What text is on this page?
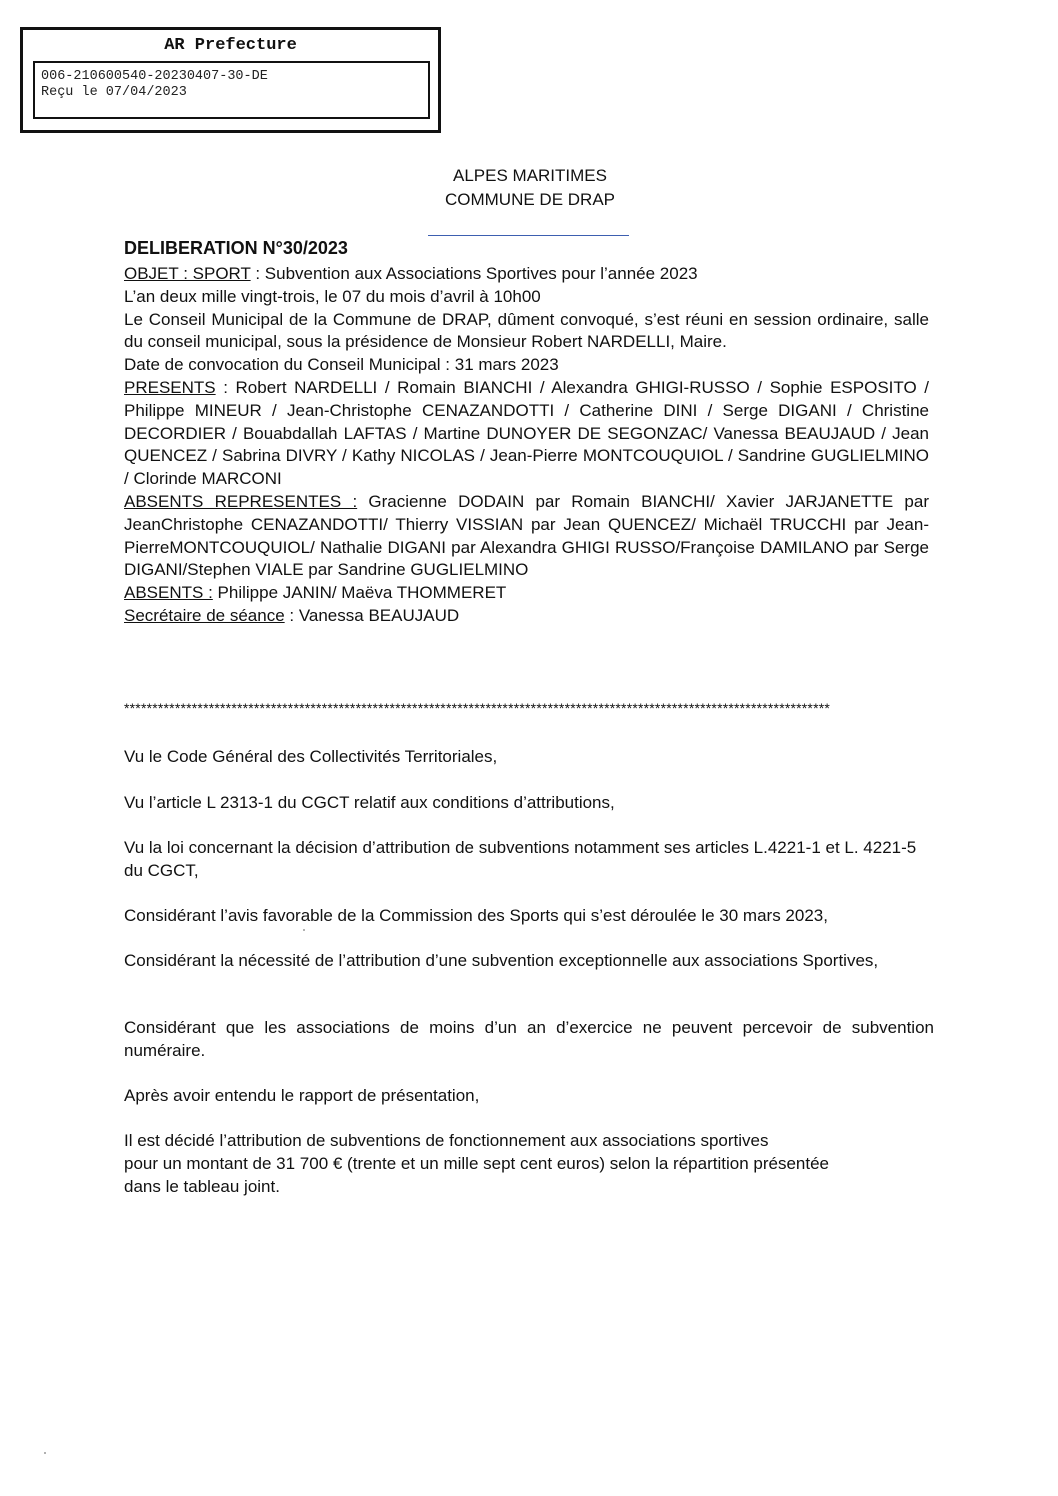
AR Prefecture
006-210600540-20230407-30-DE
Reçu le 07/04/2023
ALPES MARITIMES
COMMUNE DE DRAP
DELIBERATION N°30/2023
OBJET : SPORT : Subvention aux Associations Sportives pour l’année 2023
L’an deux mille vingt-trois, le 07 du mois d’avril à 10h00
Le Conseil Municipal de la Commune de DRAP, dûment convoqué, s’est réuni en session ordinaire, salle du conseil municipal, sous la présidence de Monsieur Robert NARDELLI, Maire.
Date de convocation du Conseil Municipal : 31 mars 2023
PRESENTS : Robert NARDELLI / Romain BIANCHI / Alexandra GHIGI-RUSSO / Sophie ESPOSITO / Philippe MINEUR / Jean-Christophe CENAZANDOTTI / Catherine DINI / Serge DIGANI / Christine DECORDIER / Bouabdallah LAFTAS / Martine DUNOYER DE SEGONZAC/ Vanessa BEAUJAUD / Jean QUENCEZ / Sabrina DIVRY / Kathy NICOLAS / Jean-Pierre MONTCOUQUIOL / Sandrine GUGLIELMINO / Clorinde MARCONI
ABSENTS REPRESENTES : Gracienne DODAIN par Romain BIANCHI/ Xavier JARJANETTE par JeanChristophe CENAZANDOTTI/ Thierry VISSIAN par Jean QUENCEZ/ Michaël TRUCCHI par Jean-PierreMONTCOUQUIOL/ Nathalie DIGANI par Alexandra GHIGI RUSSO/Françoise DAMILANO par Serge DIGANI/Stephen VIALE par Sandrine GUGLIELMINO
ABSENTS : Philippe JANIN/ Maëva THOMMERET
Secrétaire de séance : Vanessa BEAUJAUD
*****************************************************************************************************************************
Vu le Code Général des Collectivités Territoriales,
Vu l’article L 2313-1 du CGCT relatif aux conditions d’attributions,
Vu la loi concernant la décision d’attribution de subventions notamment ses articles L.4221-1 et L. 4221-5 du CGCT,
Considérant l’avis favorable de la Commission des Sports qui s’est déroulée le 30 mars 2023,
Considérant la nécessité de l’attribution d’une subvention exceptionnelle aux associations Sportives,
Considérant que les associations de moins d’un an d’exercice ne peuvent percevoir de subvention numéraire.
Après avoir entendu le rapport de présentation,
Il est décidé l’attribution de subventions de fonctionnement aux associations sportives
pour un montant de 31 700 € (trente et un mille sept cent euros) selon la répartition présentée
dans le tableau joint.
